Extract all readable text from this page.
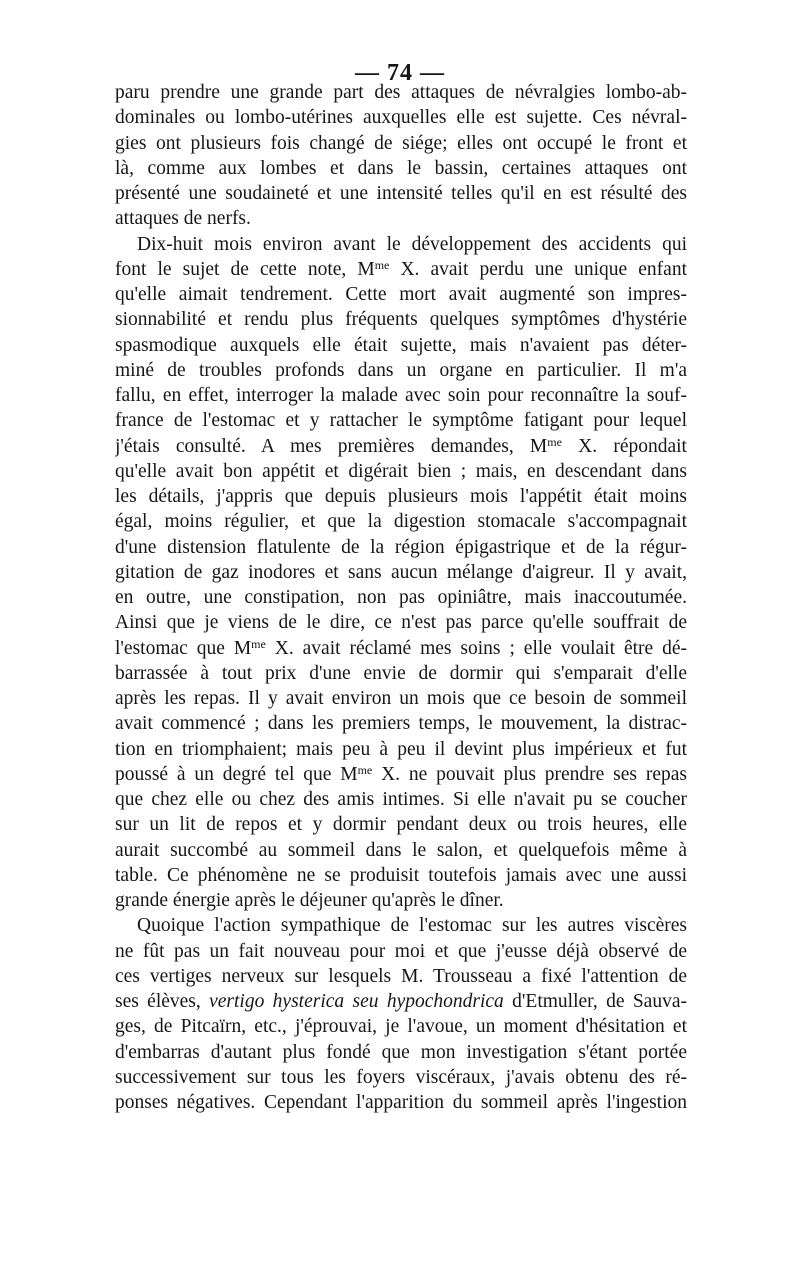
— 74 —
paru prendre une grande part des attaques de névralgies lombo-ab-
dominales ou lombo-utérines auxquelles elle est sujette. Ces névral-
gies ont plusieurs fois changé de siége; elles ont occupé le front et
là, comme aux lombes et dans le bassin, certaines attaques ont
présenté une soudaineté et une intensité telles qu'il en est résulté des
attaques de nerfs.
Dix-huit mois environ avant le développement des accidents qui
font le sujet de cette note, $M^{me}$ X. avait perdu une unique enfant
qu'elle aimait tendrement. Cette mort avait augmenté son impres-
sionnabilité et rendu plus fréquents quelques symptômes d'hystérie
spasmodique auxquels elle était sujette, mais n'avaient pas déter-
miné de troubles profonds dans un organe en particulier. Il m'a
fallu, en effet, interroger la malade avec soin pour reconnaître la souf-
france de l'estomac et y rattacher le symptôme fatigant pour lequel
j'étais consulté. A mes premières demandes, $M^{me}$ X. répondait
qu'elle avait bon appétit et digérait bien ; mais, en descendant dans
les détails, j'appris que depuis plusieurs mois l'appétit était moins
égal, moins régulier, et que la digestion stomacale s'accompagnait
d'une distension flatulente de la région épigastrique et de la régur-
gitation de gaz inodores et sans aucun mélange d'aigreur. Il y avait,
en outre, une constipation, non pas opiniâtre, mais inaccoutumée.
Ainsi que je viens de le dire, ce n'est pas parce qu'elle souffrait de
l'estomac que $M^{me}$ X. avait réclamé mes soins ; elle voulait être dé-
barrassée à tout prix d'une envie de dormir qui s'emparait d'elle
après les repas. Il y avait environ un mois que ce besoin de sommeil
avait commencé ; dans les premiers temps, le mouvement, la distrac-
tion en triomphaient; mais peu à peu il devint plus impérieux et fut
poussé à un degré tel que $M^{me}$ X. ne pouvait plus prendre ses repas
que chez elle ou chez des amis intimes. Si elle n'avait pu se coucher
sur un lit de repos et y dormir pendant deux ou trois heures, elle
aurait succombé au sommeil dans le salon, et quelquefois même à
table. Ce phénomène ne se produisit toutefois jamais avec une aussi
grande énergie après le déjeuner qu'après le dîner.
Quoique l'action sympathique de l'estomac sur les autres viscères
ne fût pas un fait nouveau pour moi et que j'eusse déjà observé de
ces vertiges nerveux sur lesquels M. Trousseau a fixé l'attention de
ses élèves, vertigo hysterica seu hypochondrica d'Etmuller, de Sauva-
ges, de Pitcaïrn, etc., j'éprouvai, je l'avoue, un moment d'hésitation et
d'embarras d'autant plus fondé que mon investigation s'étant portée
successivement sur tous les foyers viscéraux, j'avais obtenu des ré-
ponses négatives. Cependant l'apparition du sommeil après l'ingestion
